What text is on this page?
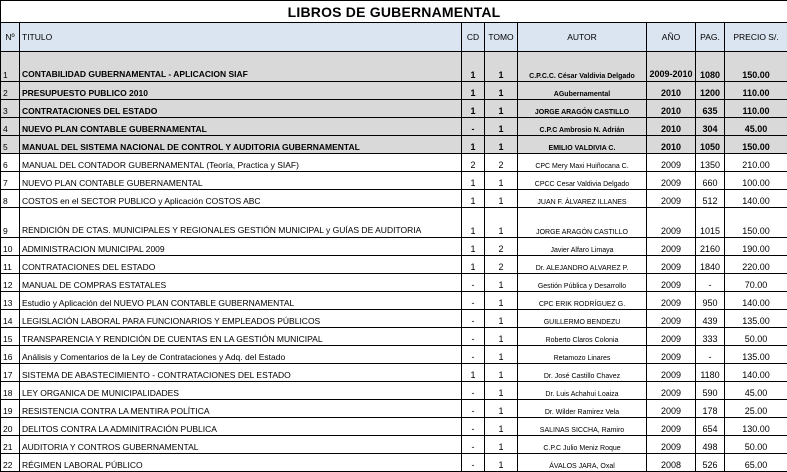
LIBROS DE GUBERNAMENTAL							
Nº	TITULO	CD	TOMO	AUTOR	AÑO	PAG.	PRECIO S/.
1	CONTABILIDAD GUBERNAMENTAL - APLICACION SIAF	1	1	C.P.C.C. César Valdivia Delgado	2009-2010	1080	150.00
2	PRESUPUESTO PUBLICO 2010	1	1	AGubernamental	2010	1200	110.00
3	CONTRATACIONES DEL ESTADO	1	1	JORGE ARAGÓN CASTILLO	2010	635	110.00
4	NUEVO PLAN CONTABLE GUBERNAMENTAL	-	1	C.P.C Ambrosio N. Adrián	2010	304	45.00
5	MANUAL DEL SISTEMA NACIONAL DE CONTROL Y AUDITORIA GUBERNAMENTAL	1	1	EMILIO VALDIVIA C.	2010	1050	150.00
6	MANUAL DEL CONTADOR GUBERNAMENTAL (Teoría, Practica y SIAF)	2	2	CPC Mery Maxi Huiñocana C.	2009	1350	210.00
7	NUEVO PLAN CONTABLE GUBERNAMENTAL	1	1	CPCC Cesar Valdivia Delgado	2009	660	100.00
8	COSTOS en el SECTOR PUBLICO y Aplicación COSTOS ABC	1	1	JUAN F. ÁLVAREZ ILLANES	2009	512	140.00
9	RENDICIÓN DE CTAS. MUNICIPALES Y REGIONALES GESTIÓN MUNICIPAL y GUÍAS DE AUDITORIA	1	1	JORGE ARAGÓN CASTILLO	2009	1015	150.00
10	ADMINISTRACION MUNICIPAL 2009	1	2	Javier Alfaro Limaya	2009	2160	190.00
11	CONTRATACIONES DEL ESTADO	1	2	Dr. ALEJANDRO ALVAREZ P.	2009	1840	220.00
12	MANUAL DE COMPRAS ESTATALES	-	1	Gestión Pública y Desarrollo	2009	-	70.00
13	Estudio y Aplicación del NUEVO PLAN CONTABLE GUBERNAMENTAL	-	1	CPC ERIK RODRÍGUEZ G.	2009	950	140.00
14	LEGISLACIÓN LABORAL PARA FUNCIONARIOS Y EMPLEADOS PÚBLICOS	-	1	GUILLERMO BENDEZU	2009	439	135.00
15	TRANSPARENCIA Y RENDICIÓN DE CUENTAS EN LA GESTIÓN MUNICIPAL	-	1	Roberto Claros Colonia	2009	333	50.00
16	Análisis y Comentarios de la Ley de Contrataciones y Adq. del Estado	-	1	Retamozo Linares	2009	-	135.00
17	SISTEMA DE ABASTECIMIENTO - CONTRATACIONES DEL ESTADO	1	1	Dr. José Castillo Chavez	2009	1180	140.00
18	LEY ORGANICA DE MUNICIPALIDADES	-	1	Dr. Luis Achahui Loaiza	2009	590	45.00
19	RESISTENCIA CONTRA LA MENTIRA POLÍTICA	-	1	Dr. Wilder Ramirez Vela	2009	178	25.00
20	DELITOS CONTRA LA ADMINITRACIÓN PUBLICA	-	1	SALINAS SICCHA, Ramiro	2009	654	130.00
21	AUDITORIA Y CONTROS GUBERNAMENTAL	-	1	C.P.C Julio Meniz Roque	2009	498	50.00
22	RÉGIMEN LABORAL PÚBLICO	-	1	ÁVALOS JARA, Oxal	2008	526	65.00
